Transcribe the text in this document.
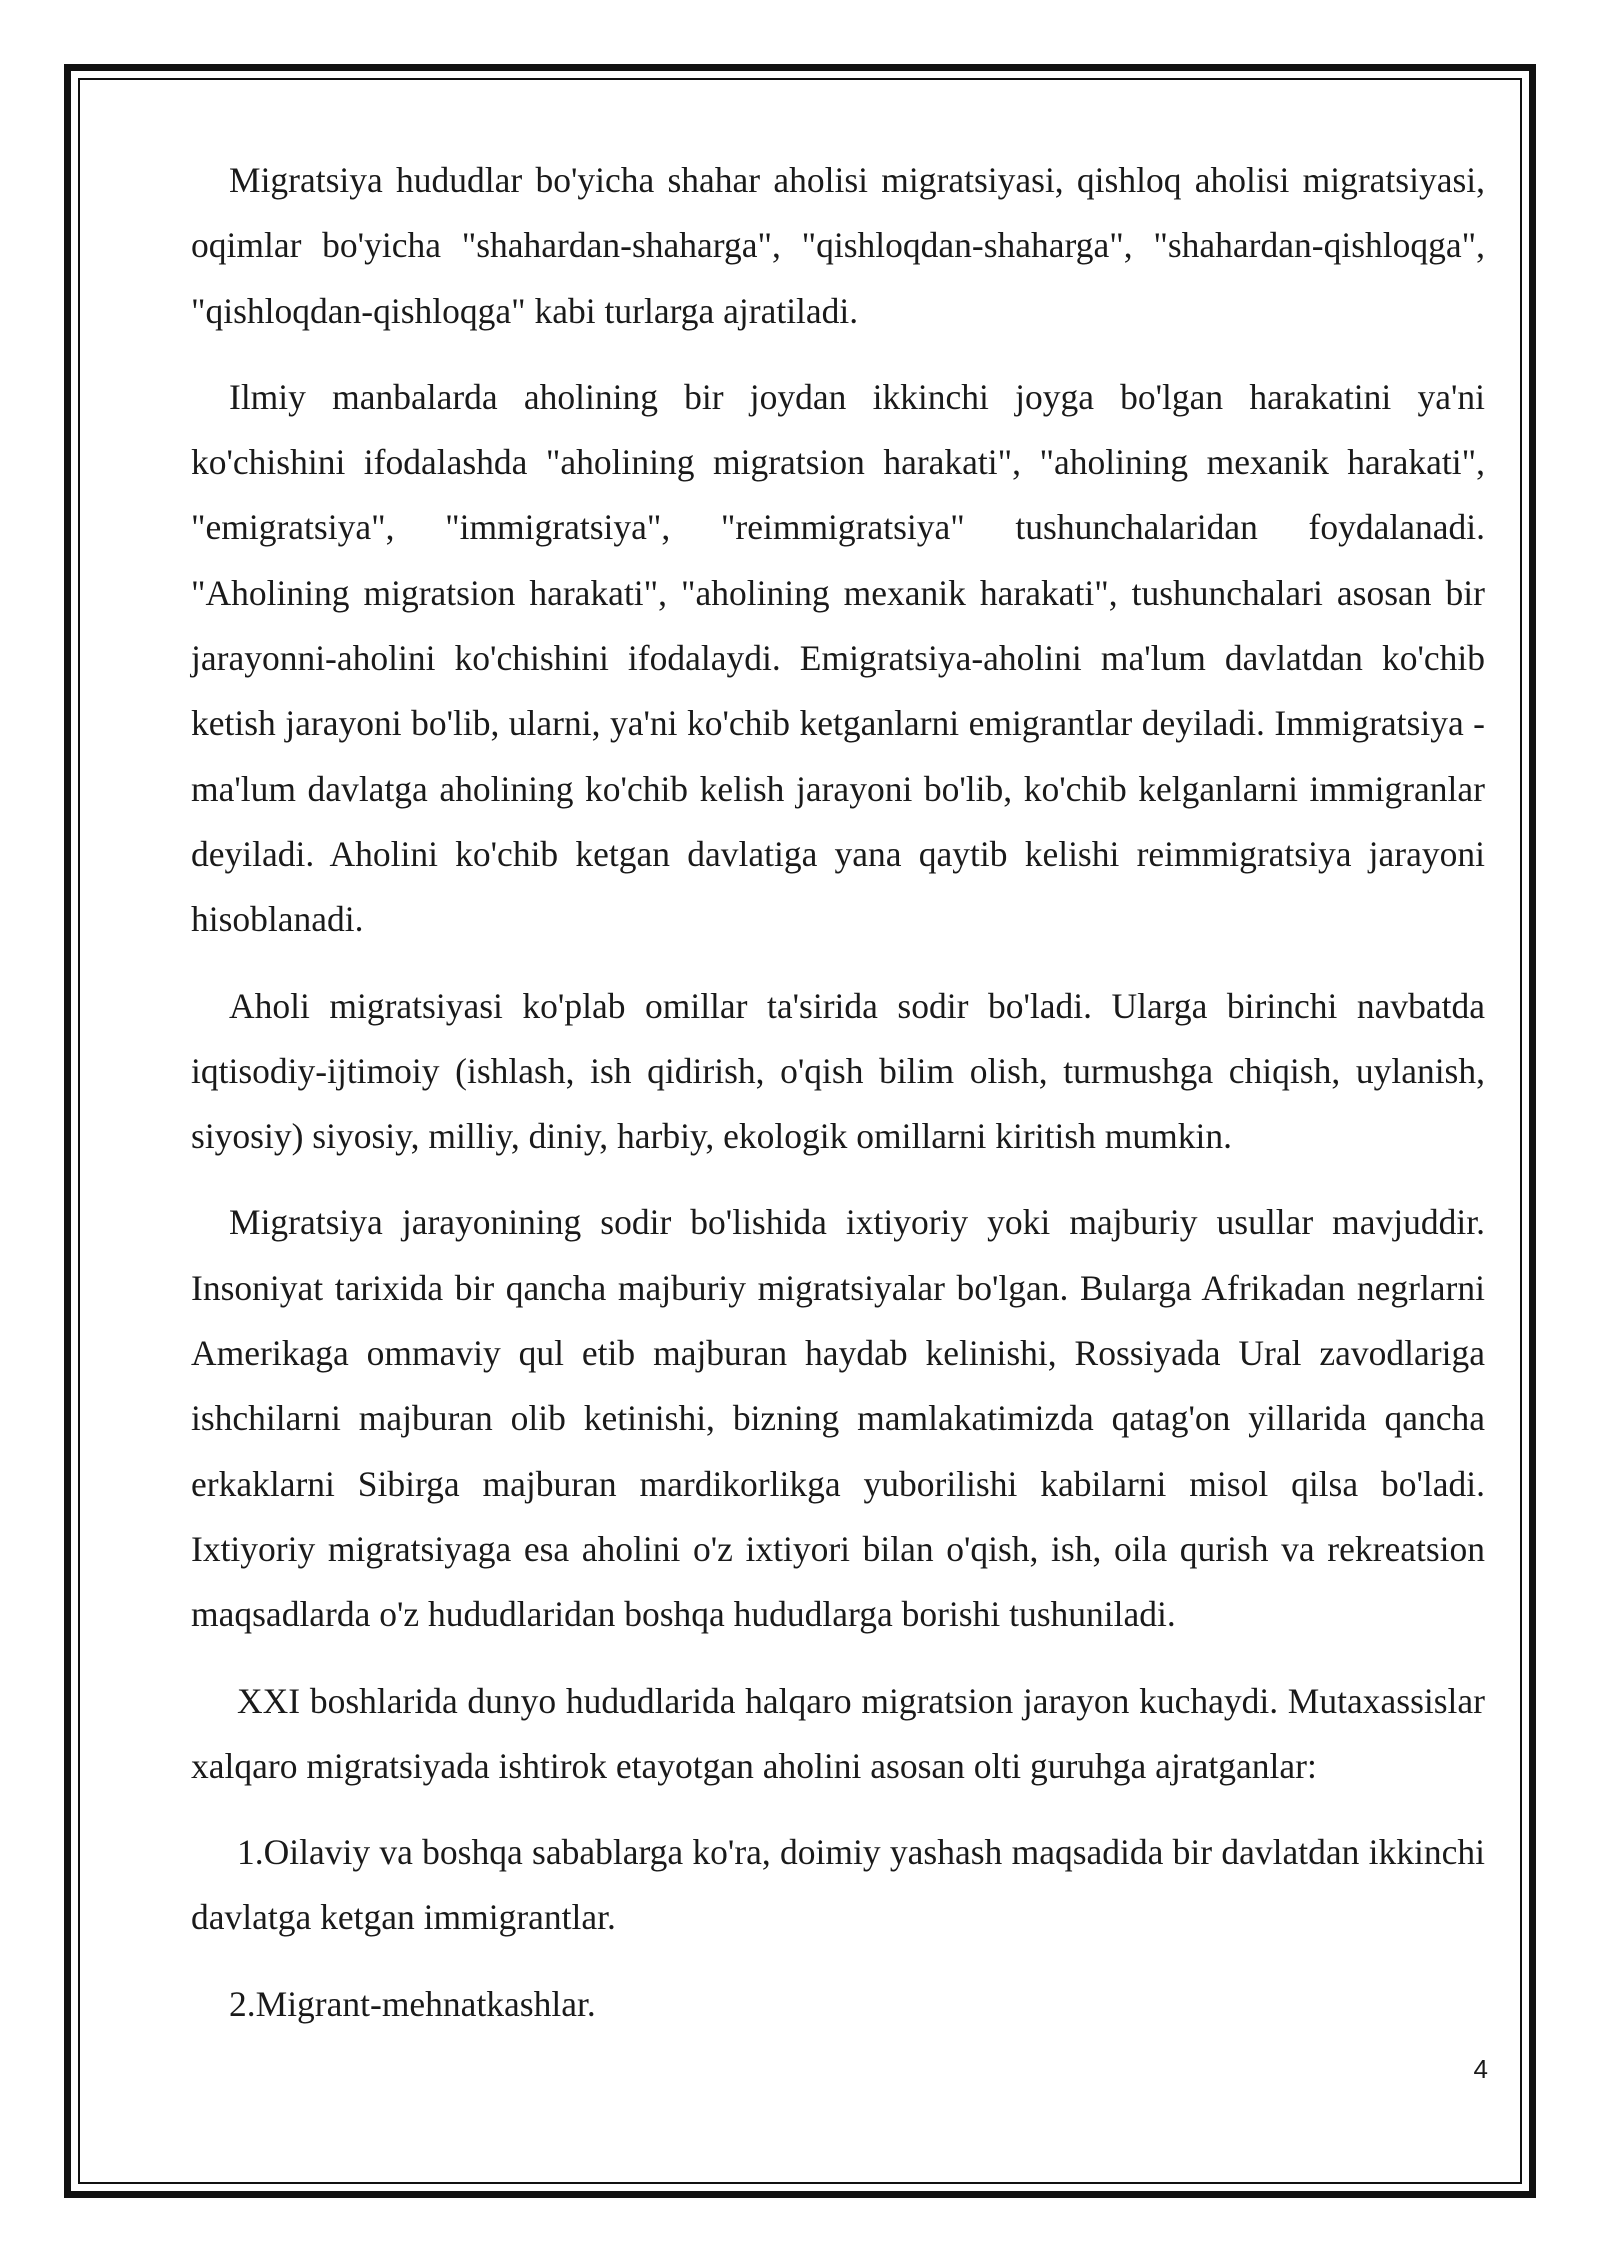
Migratsiya hududlar bo'yicha shahar aholisi migratsiyasi, qishloq aholisi migratsiyasi, oqimlar bo'yicha "shahardan-shaharga", "qishloqdan-shaharga", "shahardan-qishloqga", "qishloqdan-qishloqga" kabi turlarga ajratiladi.

Ilmiy manbalarda aholining bir joydan ikkinchi joyga bo'lgan harakatini ya'ni ko'chishini ifodalashda "aholining migratsion harakati", "aholining mexanik harakati", "emigratsiya", "immigratsiya", "reimmigratsiya" tushunchalaridan foydalanadi. "Aholining migratsion harakati", "aholining mexanik harakati", tushunchalari asosan bir jarayonni-aholini ko'chishini ifodalaydi. Emigratsiya-aholini ma'lum davlatdan ko'chib ketish jarayoni bo'lib, ularni, ya'ni ko'chib ketganlarni emigrantlar deyiladi. Immigratsiya - ma'lum davlatga aholining ko'chib kelish jarayoni bo'lib, ko'chib kelganlarni immigranlar deyiladi. Aholini ko'chib ketgan davlatiga yana qaytib kelishi reimmigratsiya jarayoni hisoblanadi.

Aholi migratsiyasi ko'plab omillar ta'sirida sodir bo'ladi. Ularga birinchi navbatda iqtisodiy-ijtimoiy (ishlash, ish qidirish, o'qish bilim olish, turmushga chiqish, uylanish, siyosiy) siyosiy, milliy, diniy, harbiy, ekologik omillarni kiritish mumkin.

Migratsiya jarayonining sodir bo'lishida ixtiyoriy yoki majburiy usullar mavjuddir. Insoniyat tarixida bir qancha majburiy migratsiyalar bo'lgan. Bularga Afrikadan negrlarni Amerikaga ommaviy qul etib majburan haydab kelinishi, Rossiyada Ural zavodlariga ishchilarni majburan olib ketinishi, bizning mamlakatimizda qatag'on yillarida qancha erkaklarni Sibirga majburan mardikorlikga yuborilishi kabilarni misol qilsa bo'ladi. Ixtiyoriy migratsiyaga esa aholini o'z ixtiyori bilan o'qish, ish, oila qurish va rekreatsion maqsadlarda o'z hududlaridan boshqa hududlarga borishi tushuniladi.

XXI boshlarida dunyo hududlarida halqaro migratsion jarayon kuchaydi. Mutaxassislar xalqaro migratsiyada ishtirok etayotgan aholini asosan olti guruhga ajratganlar:

1.Oilaviy va boshqa sabablarga ko'ra, doimiy yashash maqsadida bir davlatdan ikkinchi davlatga ketgan immigrantlar.

2.Migrant-mehnatkashlar.

4
